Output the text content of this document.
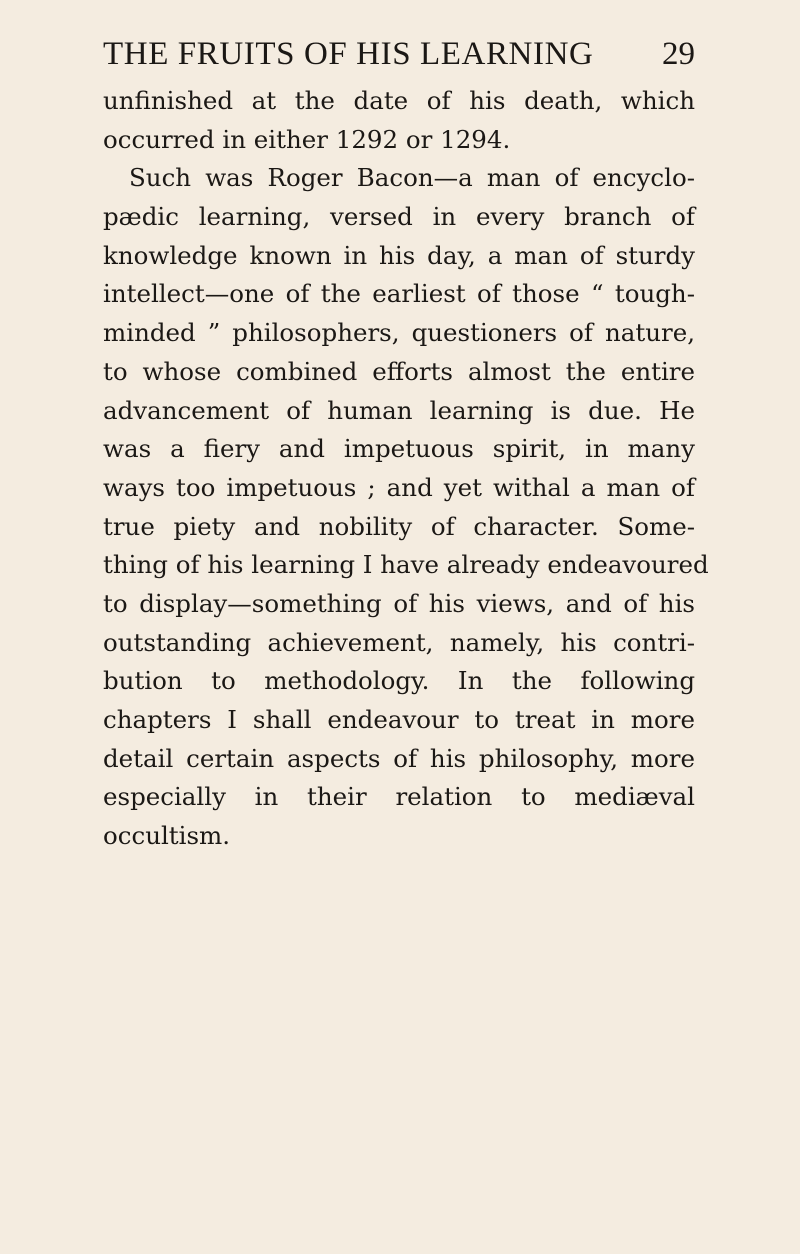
THE FRUITS OF HIS LEARNING 29
unfinished at the date of his death, which
occurred in either 1292 or 1294.
Such was Roger Bacon—a man of encyclo-
pædic learning, versed in every branch of
knowledge known in his day, a man of sturdy
intellect—one of the earliest of those “ tough-
minded ” philosophers, questioners of nature,
to whose combined efforts almost the entire
advancement of human learning is due. He
was a fiery and impetuous spirit, in many
ways too impetuous ; and yet withal a man of
true piety and nobility of character. Some-
thing of his learning I have already endeavoured
to display—something of his views, and of his
outstanding achievement, namely, his contri-
bution to methodology. In the following
chapters I shall endeavour to treat in more
detail certain aspects of his philosophy, more
especially in their relation to mediæval
occultism.
